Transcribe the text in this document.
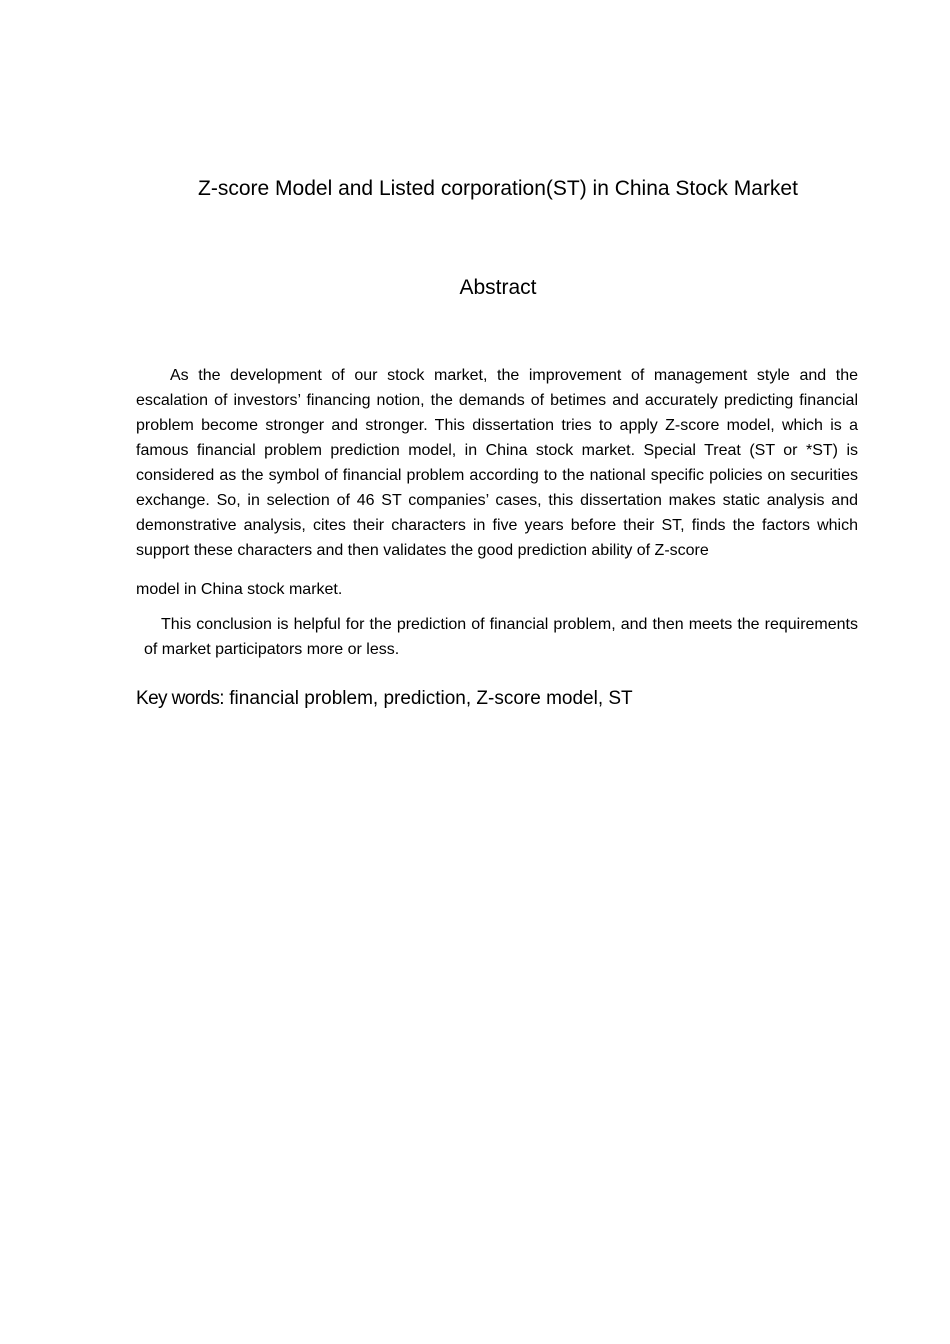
Z-score Model and Listed corporation(ST) in China Stock Market
Abstract

As the development of our stock market, the improvement of management style and the escalation of investors’ financing notion, the demands of betimes and accurately predicting financial problem become stronger and stronger. This dissertation tries to apply Z-score model, which is a famous financial problem prediction model, in China stock market. Special Treat (ST or *ST) is considered as the symbol of financial problem according to the national specific policies on securities exchange. So, in selection of 46 ST companies’ cases, this dissertation makes static analysis and demonstrative analysis, cites their characters in five years before their ST, finds the factors which support these characters and then validates the good prediction ability of Z-score

model in China stock market.

This conclusion is helpful for the prediction of financial problem, and then meets the requirements of market participators more or less.

Key words: financial problem, prediction, Z-score model, ST
